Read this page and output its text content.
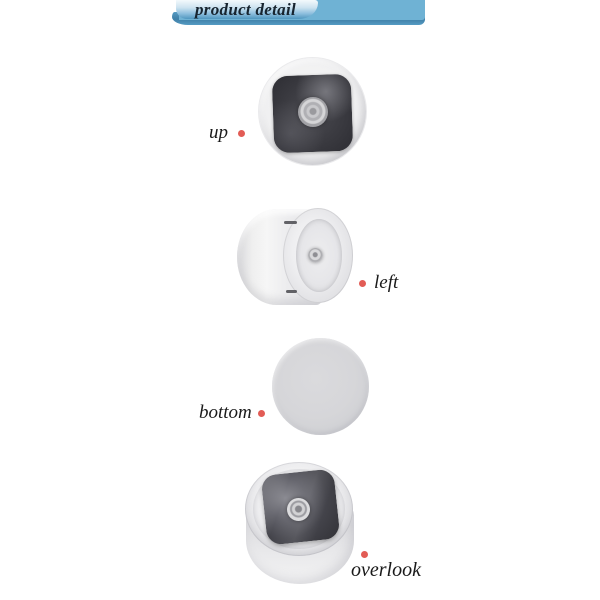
product detail
up
left
bottom
overlook
